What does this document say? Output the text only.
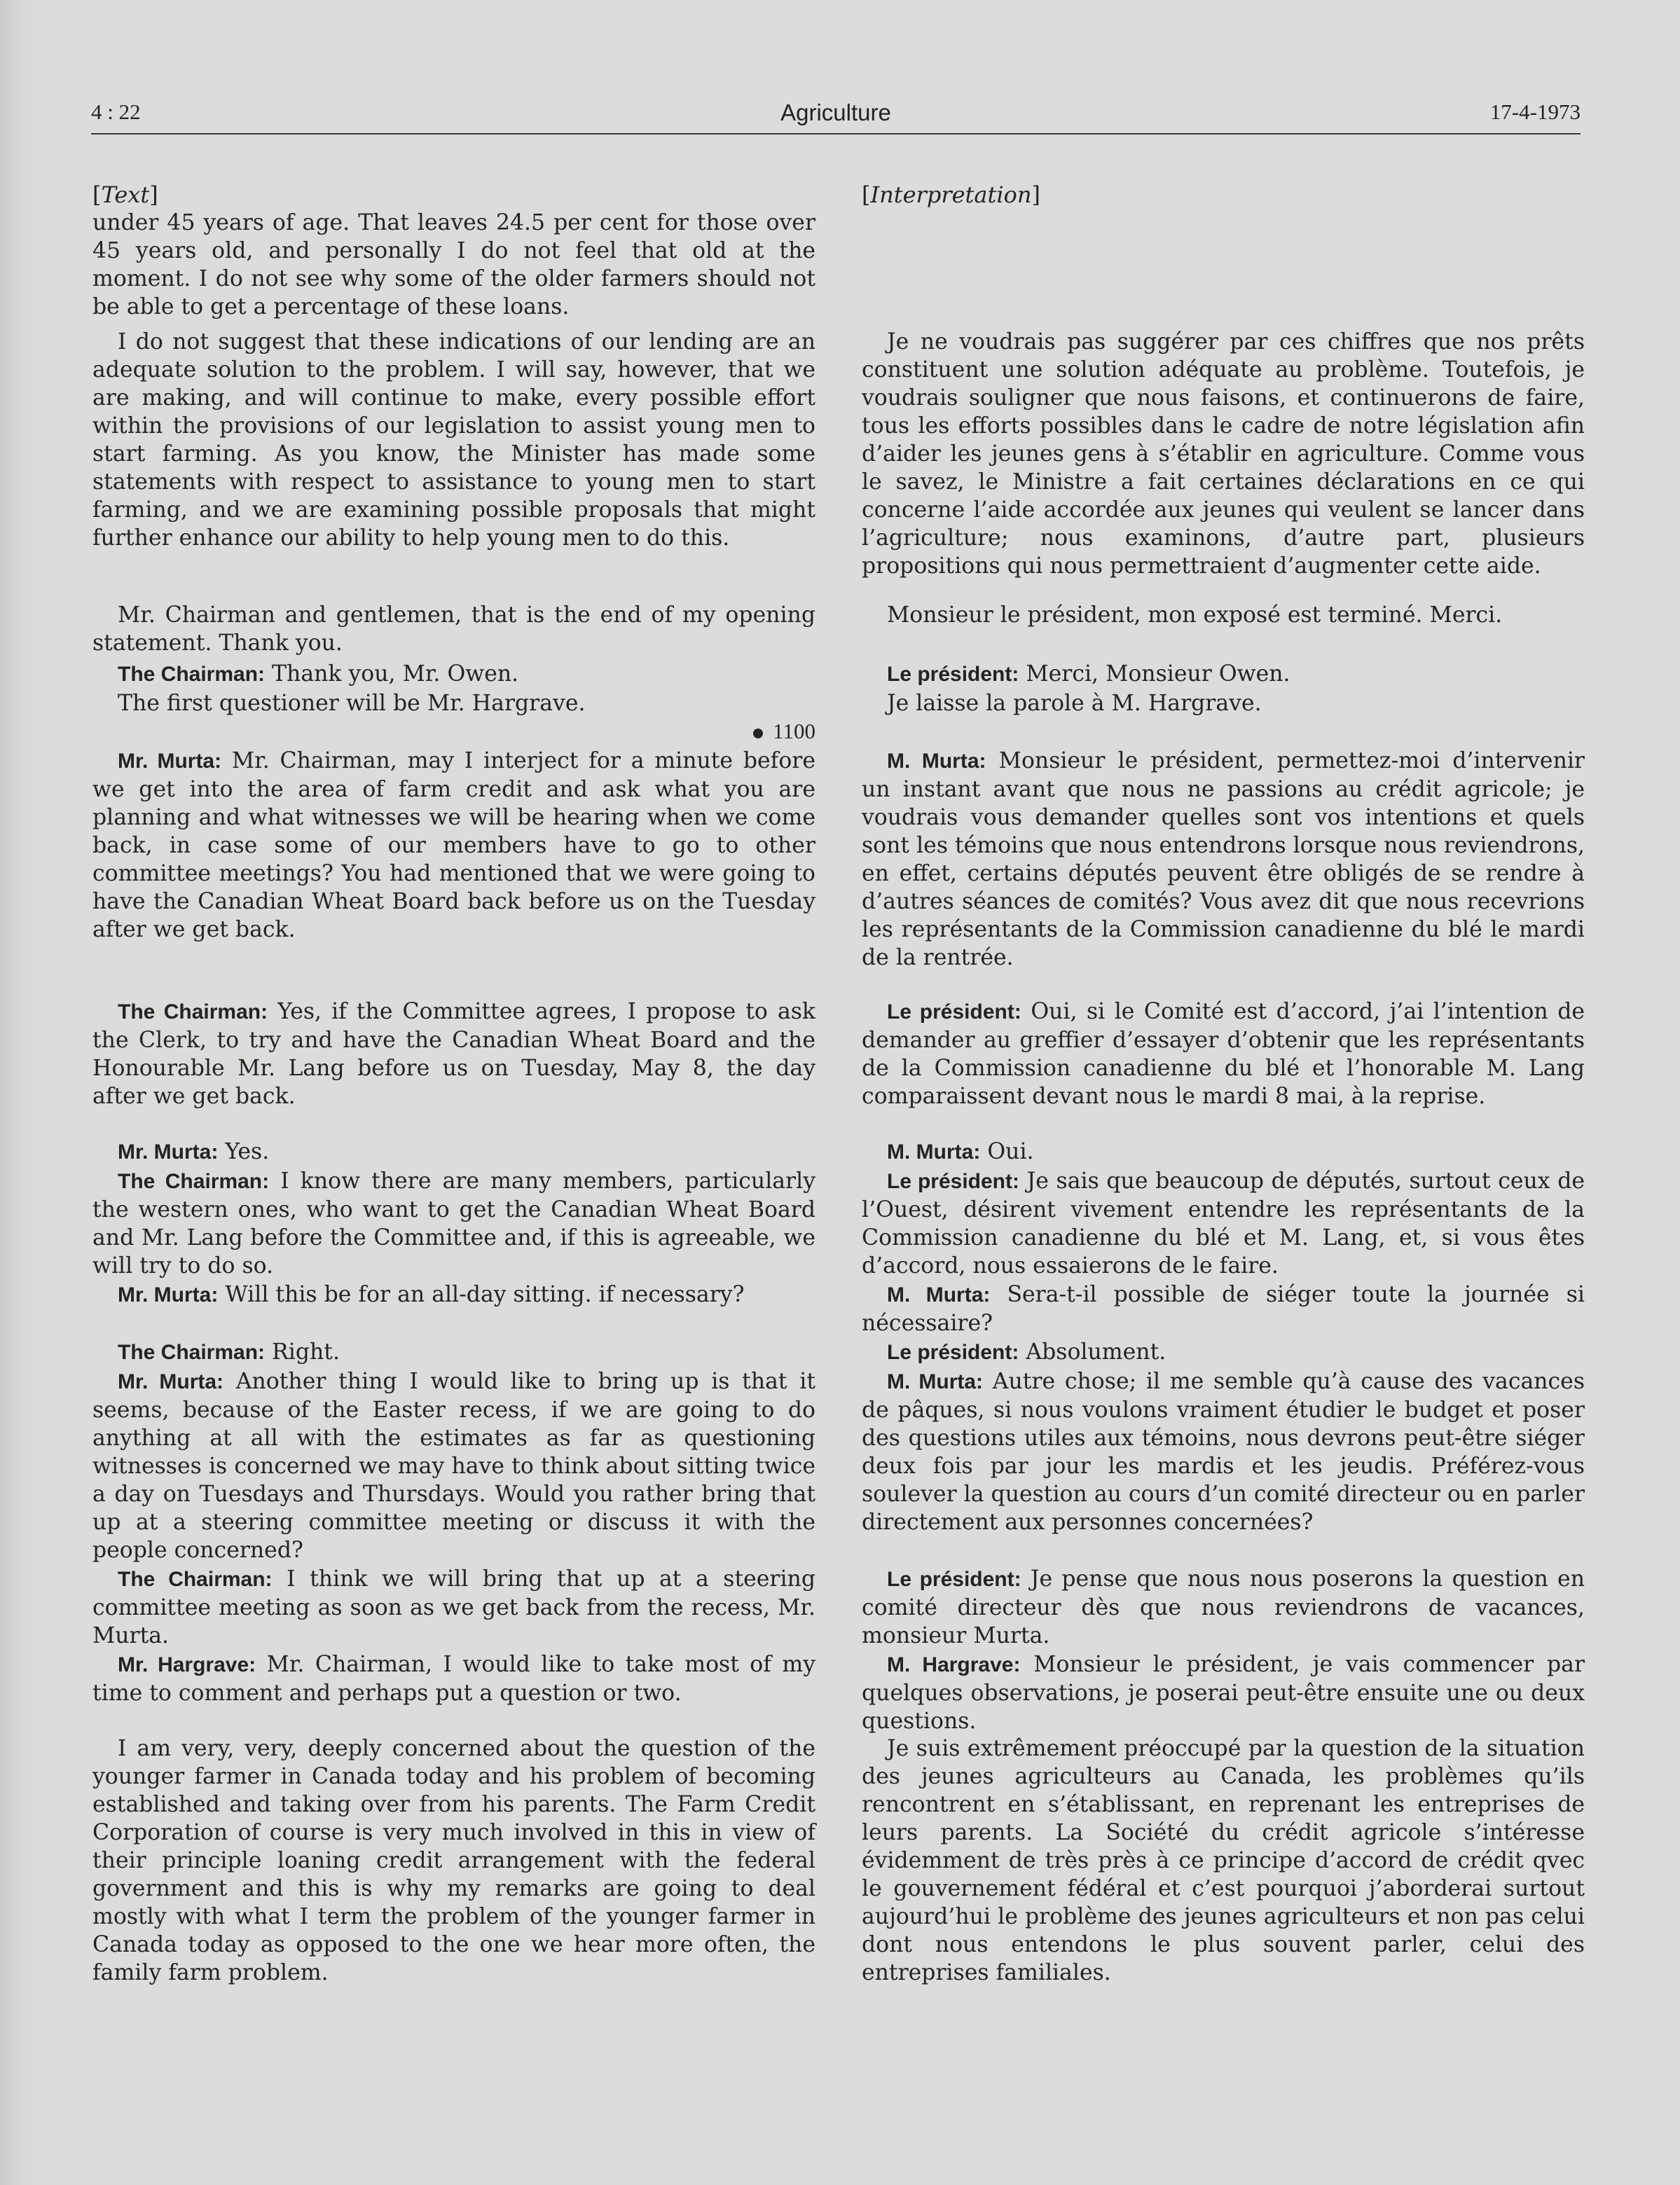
4 : 22	Agriculture	17-4-1973
[Text]

under 45 years of age. That leaves 24.5 per cent for those over 45 years old, and personally I do not feel that old at the moment. I do not see why some of the older farmers should not be able to get a percentage of these loans.

I do not suggest that these indications of our lending are an adequate solution to the problem. I will say, however, that we are making, and will continue to make, every possible effort within the provisions of our legislation to assist young men to start farming. As you know, the Minister has made some statements with respect to assistance to young men to start farming, and we are examining possible proposals that might further enhance our ability to help young men to do this.

Mr. Chairman and gentlemen, that is the end of my opening statement. Thank you.

The Chairman: Thank you, Mr. Owen.

The first questioner will be Mr. Hargrave.

1100

Mr. Murta: Mr. Chairman, may I interject for a minute before we get into the area of farm credit and ask what you are planning and what witnesses we will be hearing when we come back, in case some of our members have to go to other committee meetings? You had mentioned that we were going to have the Canadian Wheat Board back before us on the Tuesday after we get back.

The Chairman: Yes, if the Committee agrees, I propose to ask the Clerk, to try and have the Canadian Wheat Board and the Honourable Mr. Lang before us on Tuesday, May 8, the day after we get back.

Mr. Murta: Yes.

The Chairman: I know there are many members, particularly the western ones, who want to get the Canadian Wheat Board and Mr. Lang before the Committee and, if this is agreeable, we will try to do so.

Mr. Murta: Will this be for an all-day sitting. if necessary?

The Chairman: Right.

Mr. Murta: Another thing I would like to bring up is that it seems, because of the Easter recess, if we are going to do anything at all with the estimates as far as questioning witnesses is concerned we may have to think about sitting twice a day on Tuesdays and Thursdays. Would you rather bring that up at a steering committee meeting or discuss it with the people concerned?

The Chairman: I think we will bring that up at a steering committee meeting as soon as we get back from the recess, Mr. Murta.

Mr. Hargrave: Mr. Chairman, I would like to take most of my time to comment and perhaps put a question or two.

I am very, very, deeply concerned about the question of the younger farmer in Canada today and his problem of becoming established and taking over from his parents. The Farm Credit Corporation of course is very much involved in this in view of their principle loaning credit arrangement with the federal government and this is why my remarks are going to deal mostly with what I term the problem of the younger farmer in Canada today as opposed to the one we hear more often, the family farm problem.

[Interpretation]

Je ne voudrais pas suggérer par ces chiffres que nos prêts constituent une solution adéquate au problème. Toutefois, je voudrais souligner que nous faisons, et continuerons de faire, tous les efforts possibles dans le cadre de notre législation afin d’aider les jeunes gens à s’établir en agriculture. Comme vous le savez, le Ministre a fait certaines déclarations en ce qui concerne l’aide accordée aux jeunes qui veulent se lancer dans l’agriculture; nous examinons, d’autre part, plusieurs propositions qui nous permettraient d’augmenter cette aide.

Monsieur le président, mon exposé est terminé. Merci.

Le président: Merci, Monsieur Owen.

Je laisse la parole à M. Hargrave.

M. Murta: Monsieur le président, permettez-moi d’intervenir un instant avant que nous ne passions au crédit agricole; je voudrais vous demander quelles sont vos intentions et quels sont les témoins que nous entendrons lorsque nous reviendrons, en effet, certains députés peuvent être obligés de se rendre à d’autres séances de comités? Vous avez dit que nous recevrions les représentants de la Commission canadienne du blé le mardi de la rentrée.

Le président: Oui, si le Comité est d’accord, j’ai l’intention de demander au greffier d’essayer d’obtenir que les représentants de la Commission canadienne du blé et l’honorable M. Lang comparaissent devant nous le mardi 8 mai, à la reprise.

M. Murta: Oui.

Le président: Je sais que beaucoup de députés, surtout ceux de l’Ouest, désirent vivement entendre les représentants de la Commission canadienne du blé et M. Lang, et, si vous êtes d’accord, nous essaierons de le faire.

M. Murta: Sera-t-il possible de siéger toute la journée si nécessaire?

Le président: Absolument.

M. Murta: Autre chose; il me semble qu’à cause des vacances de pâques, si nous voulons vraiment étudier le budget et poser des questions utiles aux témoins, nous devrons peut-être siéger deux fois par jour les mardis et les jeudis. Préférez-vous soulever la question au cours d’un comité directeur ou en parler directement aux personnes concernées?

Le président: Je pense que nous nous poserons la question en comité directeur dès que nous reviendrons de vacances, monsieur Murta.

M. Hargrave: Monsieur le président, je vais commencer par quelques observations, je poserai peut-être ensuite une ou deux questions.

Je suis extrêmement préoccupé par la question de la situation des jeunes agriculteurs au Canada, les problèmes qu’ils rencontrent en s’établissant, en reprenant les entreprises de leurs parents. La Société du crédit agricole s’intéresse évidemment de très près à ce principe d’accord de crédit qvec le gouvernement fédéral et c’est pourquoi j’aborderai surtout aujourd’hui le problème des jeunes agriculteurs et non pas celui dont nous entendons le plus souvent parler, celui des entreprises familiales.
